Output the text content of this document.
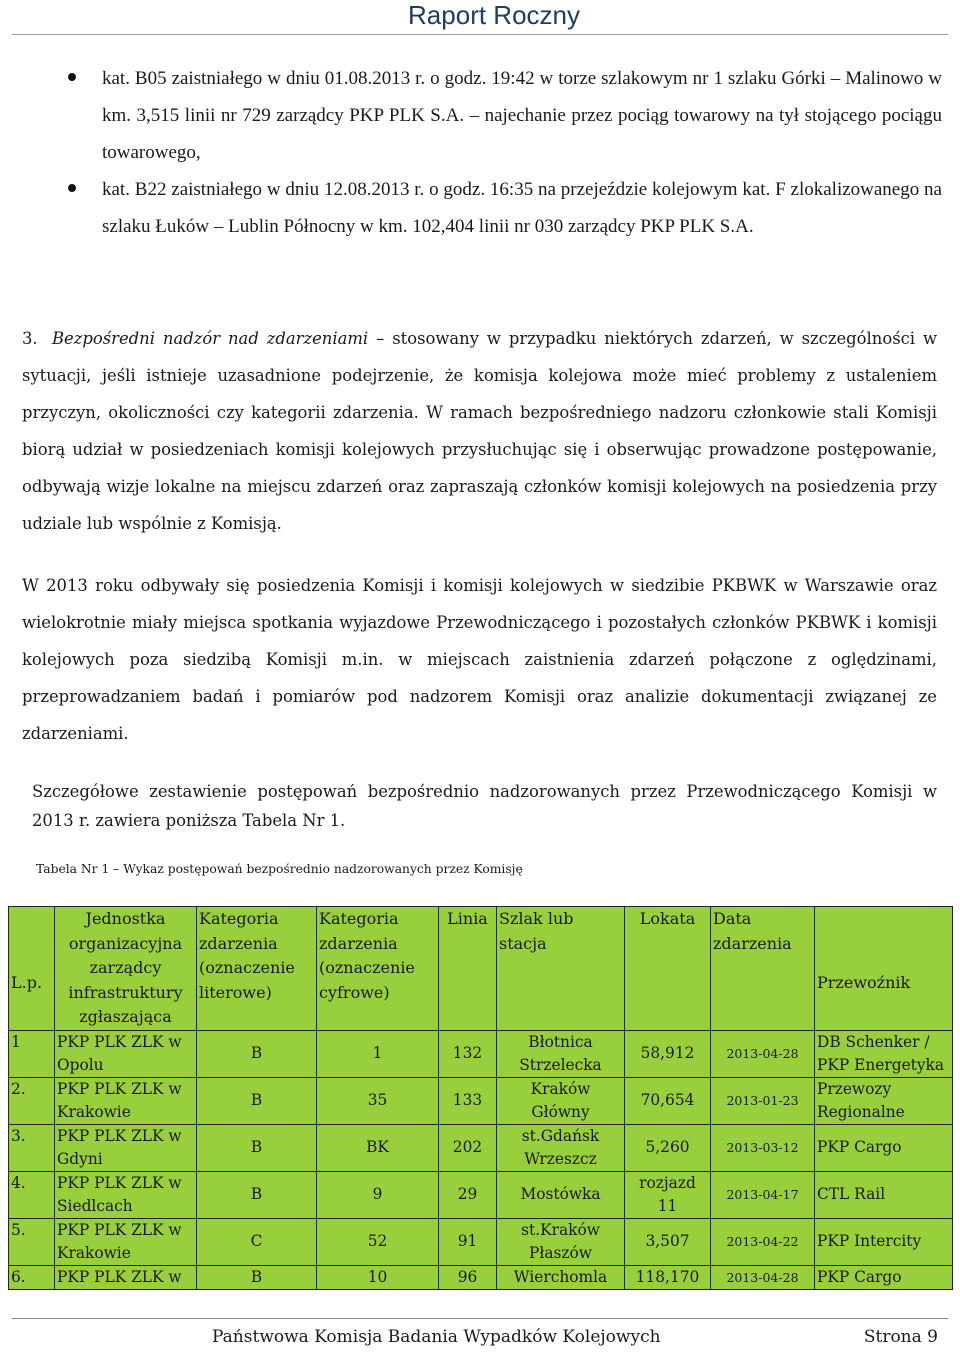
Raport Roczny
kat. B05 zaistniałego w dniu 01.08.2013 r. o godz. 19:42 w torze szlakowym nr 1 szlaku Górki – Malinowo w km. 3,515 linii nr 729 zarządcy PKP PLK S.A. – najechanie przez pociąg towarowy na tył stojącego pociągu towarowego,
kat. B22 zaistniałego w dniu 12.08.2013 r. o godz. 16:35 na przejeździe kolejowym kat. F zlokalizowanego na szlaku Łuków – Lublin Północny w km. 102,404 linii nr 030 zarządcy PKP PLK S.A.
3. Bezpośredni nadzór nad zdarzeniami – stosowany w przypadku niektórych zdarzeń, w szczególności w sytuacji, jeśli istnieje uzasadnione podejrzenie, że komisja kolejowa może mieć problemy z ustaleniem przyczyn, okoliczności czy kategorii zdarzenia. W ramach bezpośredniego nadzoru członkowie stali Komisji biorą udział w posiedzeniach komisji kolejowych przysłuchując się i obserwując prowadzone postępowanie, odbywają wizje lokalne na miejscu zdarzeń oraz zapraszają członków komisji kolejowych na posiedzenia przy udziale lub wspólnie z Komisją.
W 2013 roku odbywały się posiedzenia Komisji i komisji kolejowych w siedzibie PKBWK w Warszawie oraz wielokrotnie miały miejsca spotkania wyjazdowe Przewodniczącego i pozostałych członków PKBWK i komisji kolejowych poza siedzibą Komisji m.in. w miejscach zaistnienia zdarzeń połączone z oględzinami, przeprowadzaniem badań i pomiarów pod nadzorem Komisji oraz analizie dokumentacji związanej ze zdarzeniami.
Szczegółowe zestawienie postępowań bezpośrednio nadzorowanych przez Przewodniczącego Komisji w 2013 r. zawiera poniższa Tabela Nr 1.
Tabela Nr 1 – Wykaz postępowań bezpośrednio nadzorowanych przez Komisję
L.p.	Jednostka organizacyjna zarządcy infrastruktury zgłaszająca	Kategoria zdarzenia (oznaczenie literowe)	Kategoria zdarzenia (oznaczenie cyfrowe)	Linia	Szlak lub stacja	Lokata	Data zdarzenia	Przewoźnik
1	PKP PLK ZLK w Opolu	B	1	132	Błotnica Strzelecka	58,912	2013-04-28	DB Schenker / PKP Energetyka
2.	PKP PLK ZLK w Krakowie	B	35	133	Kraków Główny	70,654	2013-01-23	Przewozy Regionalne
3.	PKP PLK ZLK w Gdyni	B	BK	202	st.Gdańsk Wrzeszcz	5,260	2013-03-12	PKP Cargo
4.	PKP PLK ZLK w Siedlcach	B	9	29	Mostówka	rozjazd 11	2013-04-17	CTL Rail
5.	PKP PLK ZLK w Krakowie	C	52	91	st.Kraków Płaszów	3,507	2013-04-22	PKP Intercity
6.	PKP PLK ZLK w	B	10	96	Wierchomla	118,170	2013-04-28	PKP Cargo
Państwowa Komisja Badania Wypadków Kolejowych	Strona 9
